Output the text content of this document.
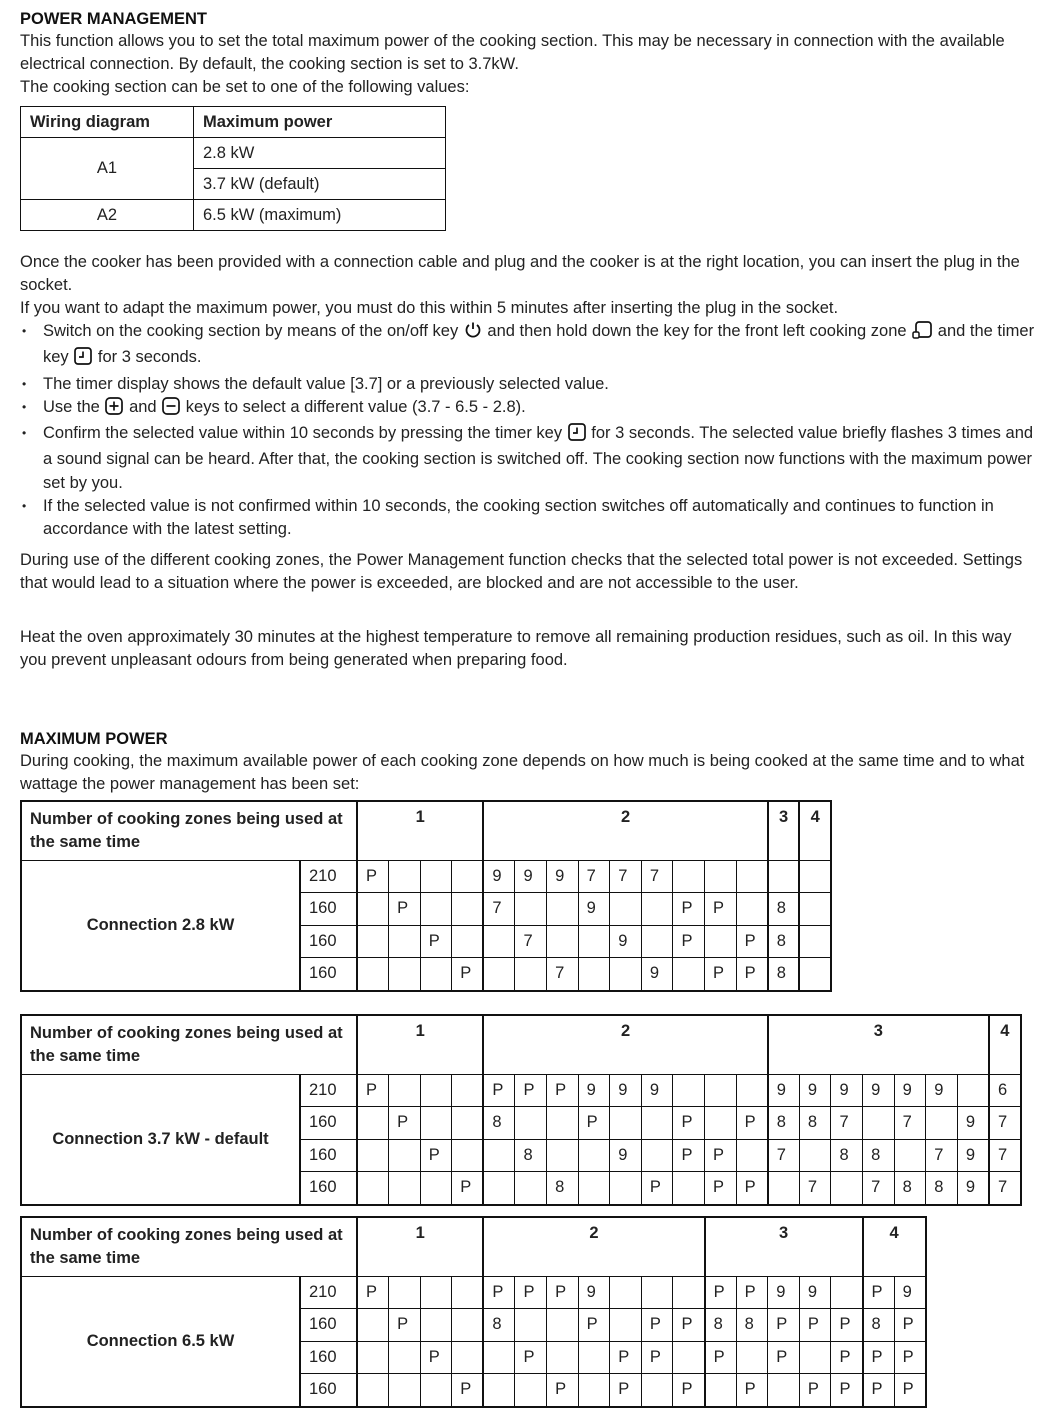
POWER MANAGEMENT

This function allows you to set the total maximum power of the cooking section. This may be necessary in connection with the available electrical connection. By default, the cooking section is set to 3.7kW.

The cooking section can be set to one of the following values:

Wiring diagram	Maximum power
A1	2.8 kW
	3.7 kW (default)
A2	6.5 kW (maximum)

Once the cooker has been provided with a connection cable and plug and the cooker is at the right location, you can insert the plug in the socket.

If you want to adapt the maximum power, you must do this within 5 minutes after inserting the plug in the socket.

• Switch on the cooking section by means of the on/off key and then hold down the key for the front left cooking zone and the timer key for 3 seconds.
• The timer display shows the default value [3.7] or a previously selected value.
• Use the and keys to select a different value (3.7 - 6.5 - 2.8).
• Confirm the selected value within 10 seconds by pressing the timer key for 3 seconds. The selected value briefly flashes 3 times and a sound signal can be heard. After that, the cooking section is switched off. The cooking section now functions with the maximum power set by you.
• If the selected value is not confirmed within 10 seconds, the cooking section switches off automatically and continues to function in accordance with the latest setting.

During use of the different cooking zones, the Power Management function checks that the selected total power is not exceeded. Settings that would lead to a situation where the power is exceeded, are blocked and are not accessible to the user.

Heat the oven approximately 30 minutes at the highest temperature to remove all remaining production residues, such as oil. In this way you prevent unpleasant odours from being generated when preparing food.

MAXIMUM POWER

During cooking, the maximum available power of each cooking zone depends on how much is being cooked at the same time and to what wattage the power management has been set:

Number of cooking zones being used at the same time		1				2									3	4
Connection 2.8 kW	210	P				9	9	9	7	7	7					
	160		P			7			9			P	P		8	
	160			P			7			9		P		P	8	
	160				P			7			9		P	P	8	
Number of cooking zones being used at the same time		1				2									3							4
Connection 3.7 kW - default	210	P				P	P	P	9	9	9				9	9	9	9	9	9		6
	160		P			8			P			P		P	8	8	7		7		9	7
	160			P			8			9		P	P		7		8	8		7	9	7
	160				P			8			P		P	P		7		7	8	8	9	7
Number of cooking zones being used at the same time		1				2							3					4	
Connection 6.5 kW	210	P				P	P	P	9				P	P	9	9		P	9
	160		P			8			P		P	P	8	8	P	P	P	8	P
	160			P			P			P	P		P		P		P	P	P
	160				P			P		P		P		P		P	P	P	P
